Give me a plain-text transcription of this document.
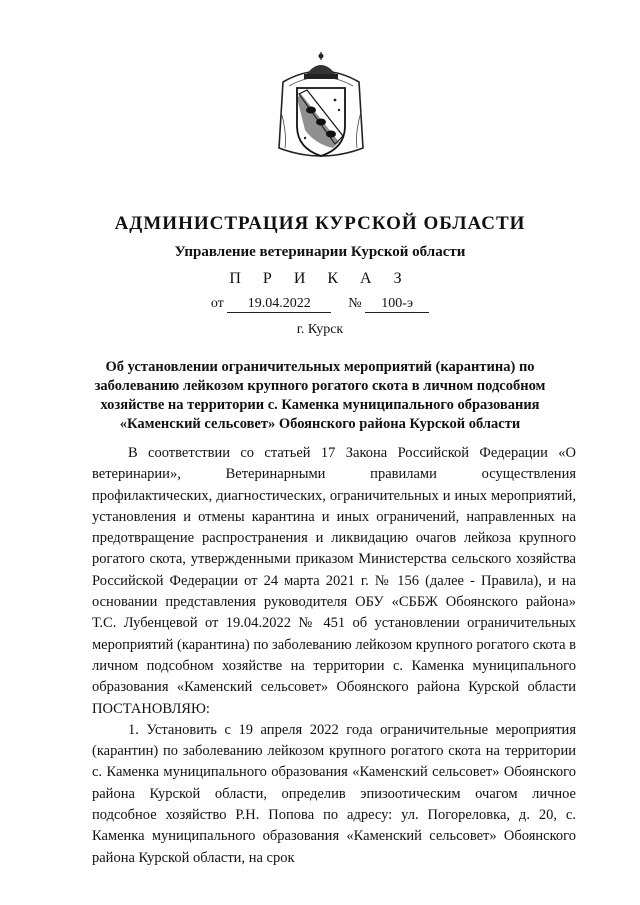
АДМИНИСТРАЦИЯ КУРСКОЙ ОБЛАСТИ
Управление ветеринарии Курской области
П Р И К А З
от 19.04.2022	№ 100-э
г. Курск
Об установлении ограничительных мероприятий (карантина) по заболеванию лейкозом крупного рогатого скота в личном подсобном хозяйстве на территории с. Каменка муниципального образования «Каменский сельсовет» Обоянского района Курской области

В соответствии со статьей 17 Закона Российской Федерации «О ветеринарии», Ветеринарными правилами осуществления профилактических, диагностических, ограничительных и иных мероприятий, установления и отмены карантина и иных ограничений, направленных на предотвращение распространения и ликвидацию очагов лейкоза крупного рогатого скота, утвержденными приказом Министерства сельского хозяйства Российской Федерации от 24 марта 2021 г. № 156 (далее - Правила), и на основании представления руководителя ОБУ «СББЖ Обоянского района» Т.С. Лубенцевой от 19.04.2022 № 451 об установлении ограничительных мероприятий (карантина) по заболеванию лейкозом крупного рогатого скота в личном подсобном хозяйстве на территории с. Каменка муниципального образования «Каменский сельсовет» Обоянского района Курской области ПОСТАНОВЛЯЮ:

1. Установить с 19 апреля 2022 года ограничительные мероприятия (карантин) по заболеванию лейкозом крупного рогатого скота на территории с. Каменка муниципального образования «Каменский сельсовет» Обоянского района Курской области, определив эпизоотическим очагом личное подсобное хозяйство Р.Н. Попова по адресу: ул. Погореловка, д. 20, с. Каменка муниципального образования «Каменский сельсовет» Обоянского района Курской области, на срок
